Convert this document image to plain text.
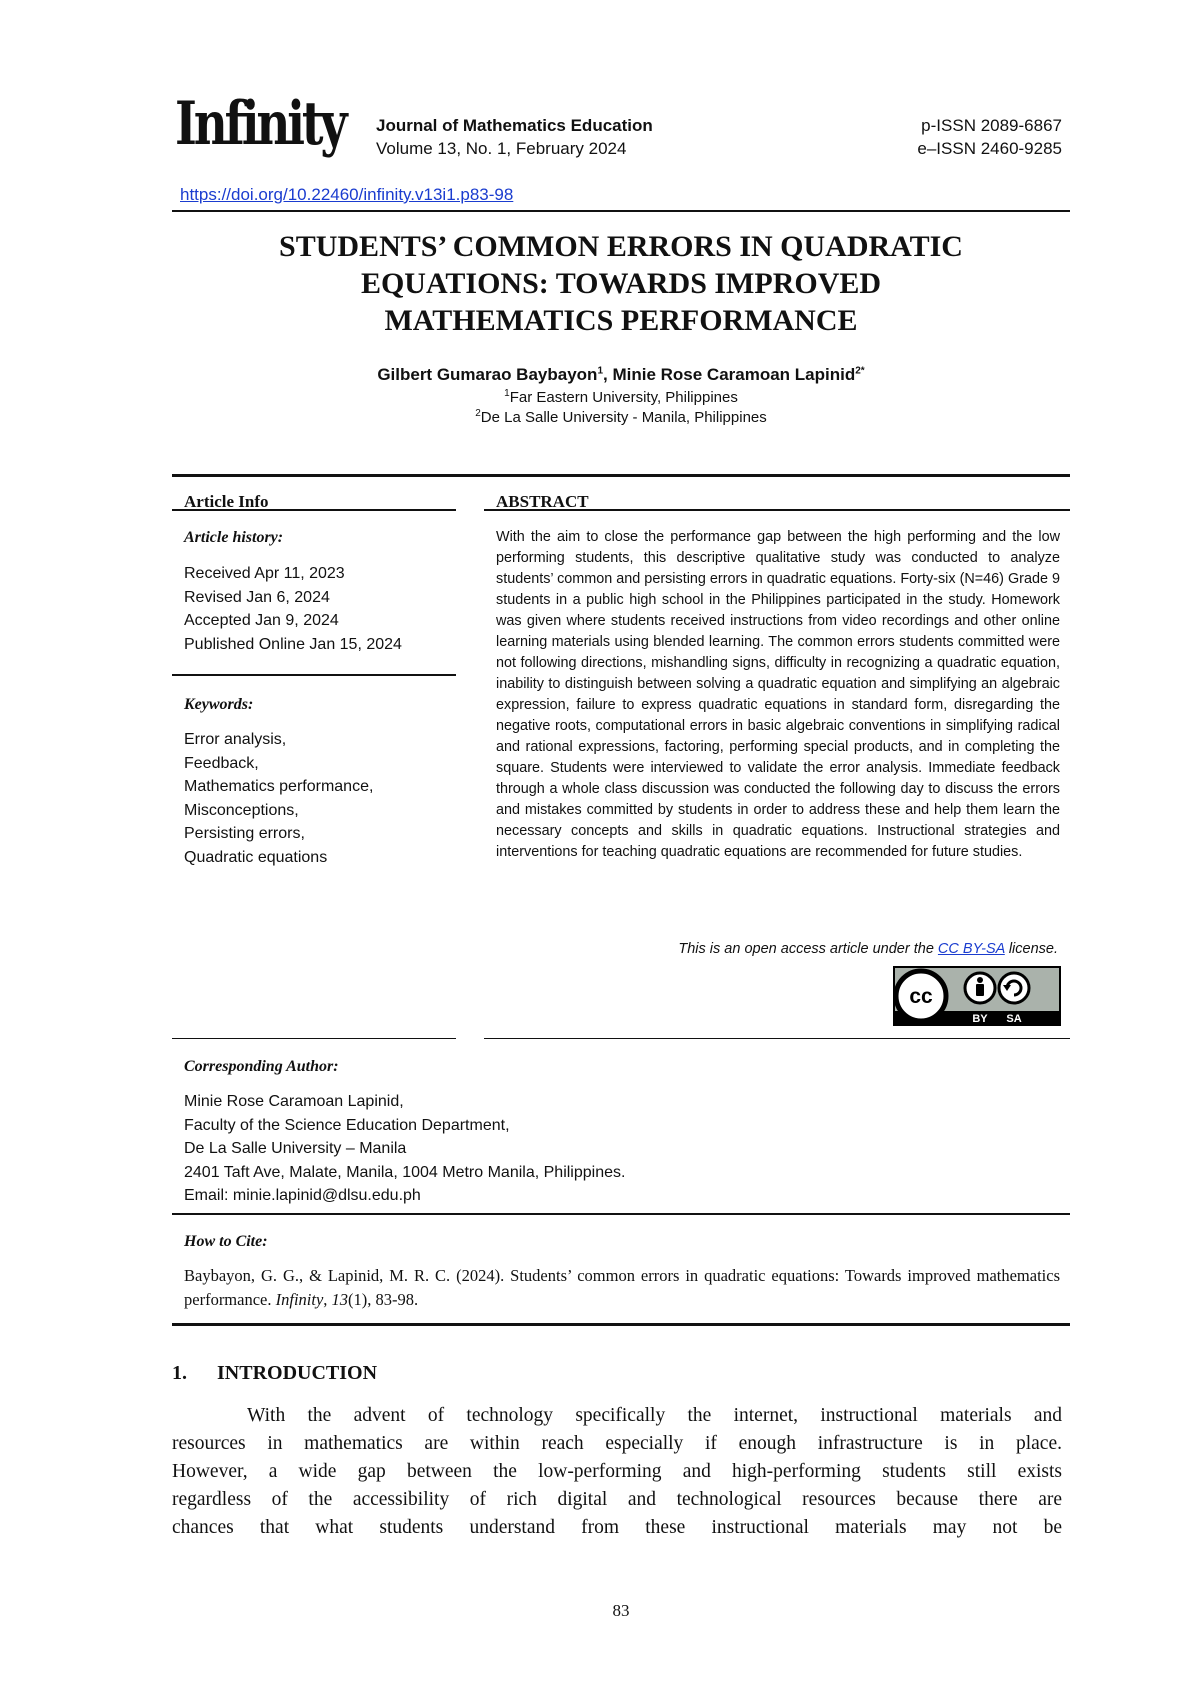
Infinity Journal of Mathematics Education
Volume 13, No. 1, February 2024
p-ISSN 2089-6867
e–ISSN 2460-9285
https://doi.org/10.22460/infinity.v13i1.p83-98
STUDENTS’ COMMON ERRORS IN QUADRATIC
EQUATIONS: TOWARDS IMPROVED
MATHEMATICS PERFORMANCE
Gilbert Gumarao Baybayon$^1$, Minie Rose Caramoan Lapinid$^{2*}$
$^1$Far Eastern University, Philippines
$^2$De La Salle University - Manila, Philippines
Article Info
Article history:
Received Apr 11, 2023
Revised Jan 6, 2024
Accepted Jan 9, 2024
Published Online Jan 15, 2024
Keywords:
Error analysis,
Feedback,
Mathematics performance,
Misconceptions,
Persisting errors,
Quadratic equations
ABSTRACT
With the aim to close the performance gap between the high performing and the low performing students, this descriptive qualitative study was conducted to analyze students’ common and persisting errors in quadratic equations. Forty-six (N=46) Grade 9 students in a public high school in the Philippines participated in the study. Homework was given where students received instructions from video recordings and other online learning materials using blended learning. The common errors students committed were not following directions, mishandling signs, difficulty in recognizing a quadratic equation, inability to distinguish between solving a quadratic equation and simplifying an algebraic expression, failure to express quadratic equations in standard form, disregarding the negative roots, computational errors in basic algebraic conventions in simplifying radical and rational expressions, factoring, performing special products, and in completing the square. Students were interviewed to validate the error analysis. Immediate feedback through a whole class discussion was conducted the following day to discuss the errors and mistakes committed by students in order to address these and help them learn the necessary concepts and skills in quadratic equations. Instructional strategies and interventions for teaching quadratic equations are recommended for future studies.
This is an open access article under the CC BY-SA license.
cc
BY SA
Corresponding Author:
Minie Rose Caramoan Lapinid,
Faculty of the Science Education Department,
De La Salle University – Manila
2401 Taft Ave, Malate, Manila, 1004 Metro Manila, Philippines.
Email: minie.lapinid@dlsu.edu.ph
How to Cite:
Baybayon, G. G., & Lapinid, M. R. C. (2024). Students’ common errors in quadratic equations: Towards improved mathematics performance. Infinity, 13(1), 83-98.
1. INTRODUCTION
With the advent of technology specifically the internet, instructional materials and
resources in mathematics are within reach especially if enough infrastructure is in place.
However, a wide gap between the low-performing and high-performing students still exists
regardless of the accessibility of rich digital and technological resources because there are
chances that what students understand from these instructional materials may not be
83
